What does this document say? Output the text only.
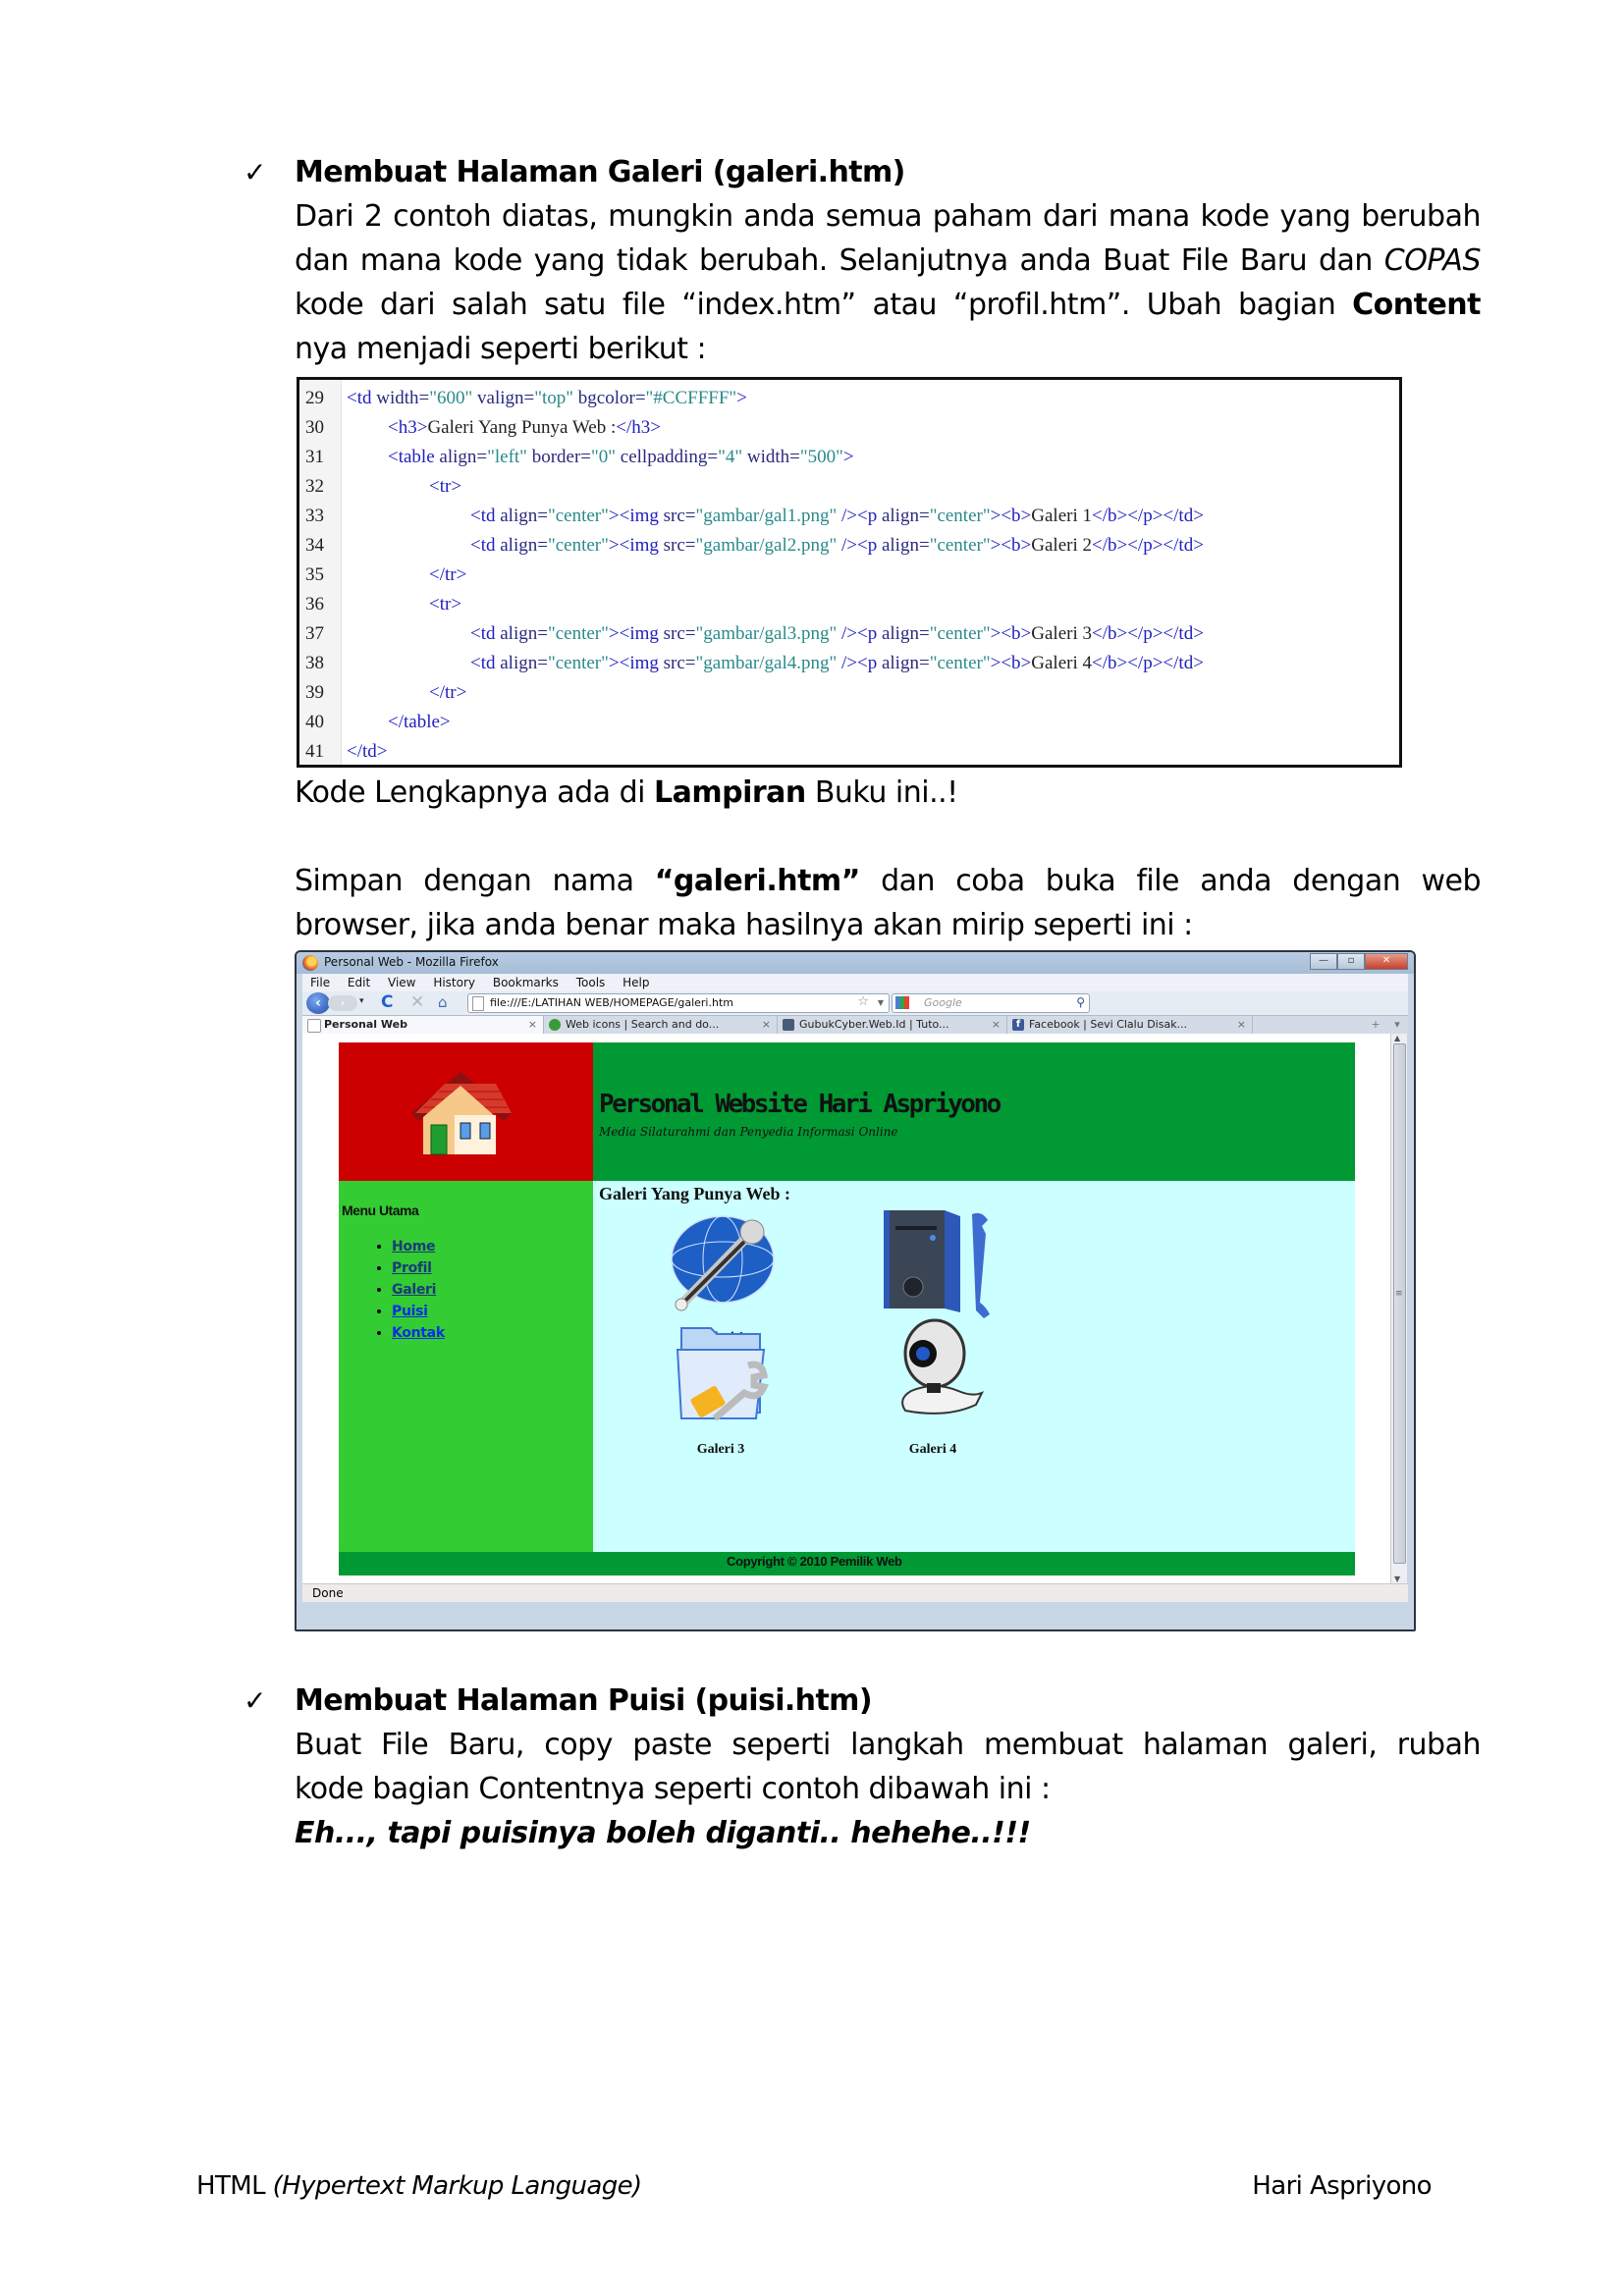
✓ Membuat Halaman Galeri (galeri.htm)
Dari 2 contoh diatas, mungkin anda semua paham dari mana kode yang berubah
dan mana kode yang tidak berubah. Selanjutnya anda Buat File Baru dan COPAS
kode dari salah satu file “index.htm” atau “profil.htm”. Ubah bagian Content
nya menjadi seperti berikut :
29	<td width="600" valign="top" bgcolor="#CCFFFF">
30	<h3>Galeri Yang Punya Web :</h3>
31	<table align="left" border="0" cellpadding="4" width="500">
32	<tr>
33	<td align="center"><img src="gambar/gal1.png" /><p align="center"><b>Galeri 1</b></p></td>
34	<td align="center"><img src="gambar/gal2.png" /><p align="center"><b>Galeri 2</b></p></td>
35	</tr>
36	<tr>
37	<td align="center"><img src="gambar/gal3.png" /><p align="center"><b>Galeri 3</b></p></td>
38	<td align="center"><img src="gambar/gal4.png" /><p align="center"><b>Galeri 4</b></p></td>
39	</tr>
40	</table>
41	</td>
Kode Lengkapnya ada di Lampiran Buku ini..!
Simpan dengan nama “galeri.htm” dan coba buka file anda dengan web
browser, jika anda benar maka hasilnya akan mirip seperti ini :
Personal Web - Mozilla Firefox	—	▫	✕
File Edit View History Bookmarks Tools Help
‹	›	▾ C ✕ ⌂	file:///E:/LATIHAN WEB/HOMEPAGE/galeri.htm	☆ ▼	Google	⚲
Personal Web	×	Web icons | Search and do...	×	GubukCyber.Web.Id | Tuto...	×	f Facebook | Sevi Clalu Disak...	×	+	▾
Personal Website Hari Aspriyono
Media Silaturahmi dan Penyedia Informasi Online
Menu Utama
• Home
• Profil
• Galeri
• Puisi
• Kontak
Galeri Yang Punya Web :
Galeri 3	Galeri 4
Copyright © 2010 Pemilik Web
▲
≡
▼
Done
✓ Membuat Halaman Puisi (puisi.htm)
Buat File Baru, copy paste seperti langkah membuat halaman galeri, rubah
kode bagian Contentnya seperti contoh dibawah ini :
Eh..., tapi puisinya boleh diganti.. hehehe..!!!
HTML (Hypertext Markup Language)	Hari Aspriyono
